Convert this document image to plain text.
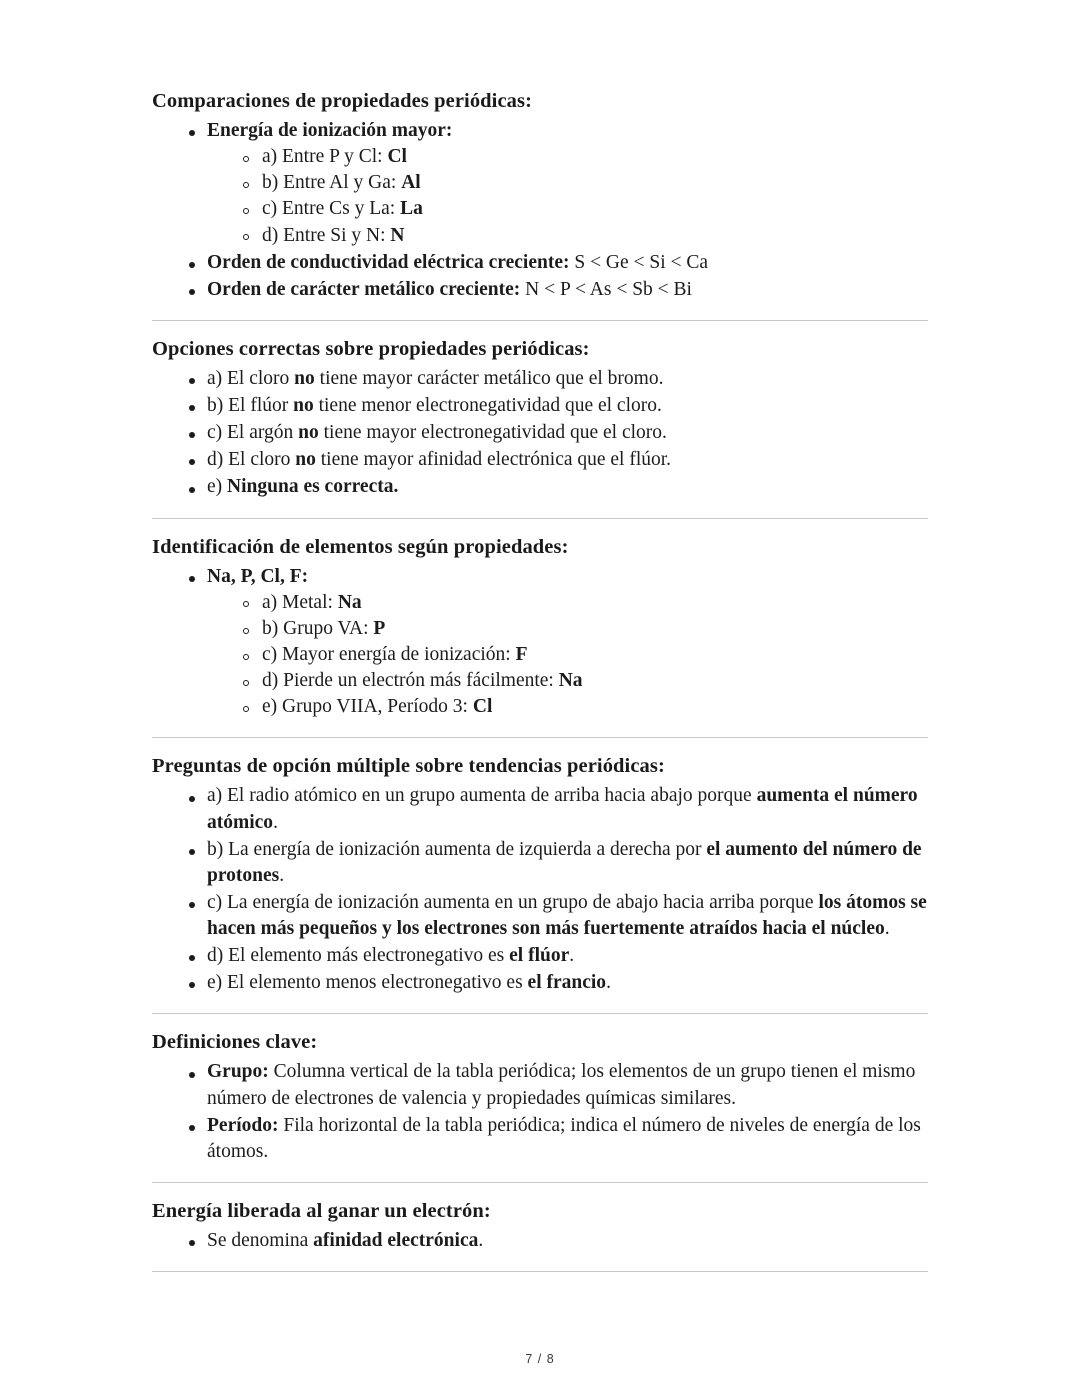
Comparaciones de propiedades periódicas:
Energía de ionización mayor:
a) Entre P y Cl: Cl
b) Entre Al y Ga: Al
c) Entre Cs y La: La
d) Entre Si y N: N
Orden de conductividad eléctrica creciente: S < Ge < Si < Ca
Orden de carácter metálico creciente: N < P < As < Sb < Bi
Opciones correctas sobre propiedades periódicas:
a) El cloro no tiene mayor carácter metálico que el bromo.
b) El flúor no tiene menor electronegatividad que el cloro.
c) El argón no tiene mayor electronegatividad que el cloro.
d) El cloro no tiene mayor afinidad electrónica que el flúor.
e) Ninguna es correcta.
Identificación de elementos según propiedades:
Na, P, Cl, F:
a) Metal: Na
b) Grupo VA: P
c) Mayor energía de ionización: F
d) Pierde un electrón más fácilmente: Na
e) Grupo VIIA, Período 3: Cl
Preguntas de opción múltiple sobre tendencias periódicas:
a) El radio atómico en un grupo aumenta de arriba hacia abajo porque aumenta el número atómico.
b) La energía de ionización aumenta de izquierda a derecha por el aumento del número de protones.
c) La energía de ionización aumenta en un grupo de abajo hacia arriba porque los átomos se hacen más pequeños y los electrones son más fuertemente atraídos hacia el núcleo.
d) El elemento más electronegativo es el flúor.
e) El elemento menos electronegativo es el francio.
Definiciones clave:
Grupo: Columna vertical de la tabla periódica; los elementos de un grupo tienen el mismo número de electrones de valencia y propiedades químicas similares.
Período: Fila horizontal de la tabla periódica; indica el número de niveles de energía de los átomos.
Energía liberada al ganar un electrón:
Se denomina afinidad electrónica.
7 / 8
